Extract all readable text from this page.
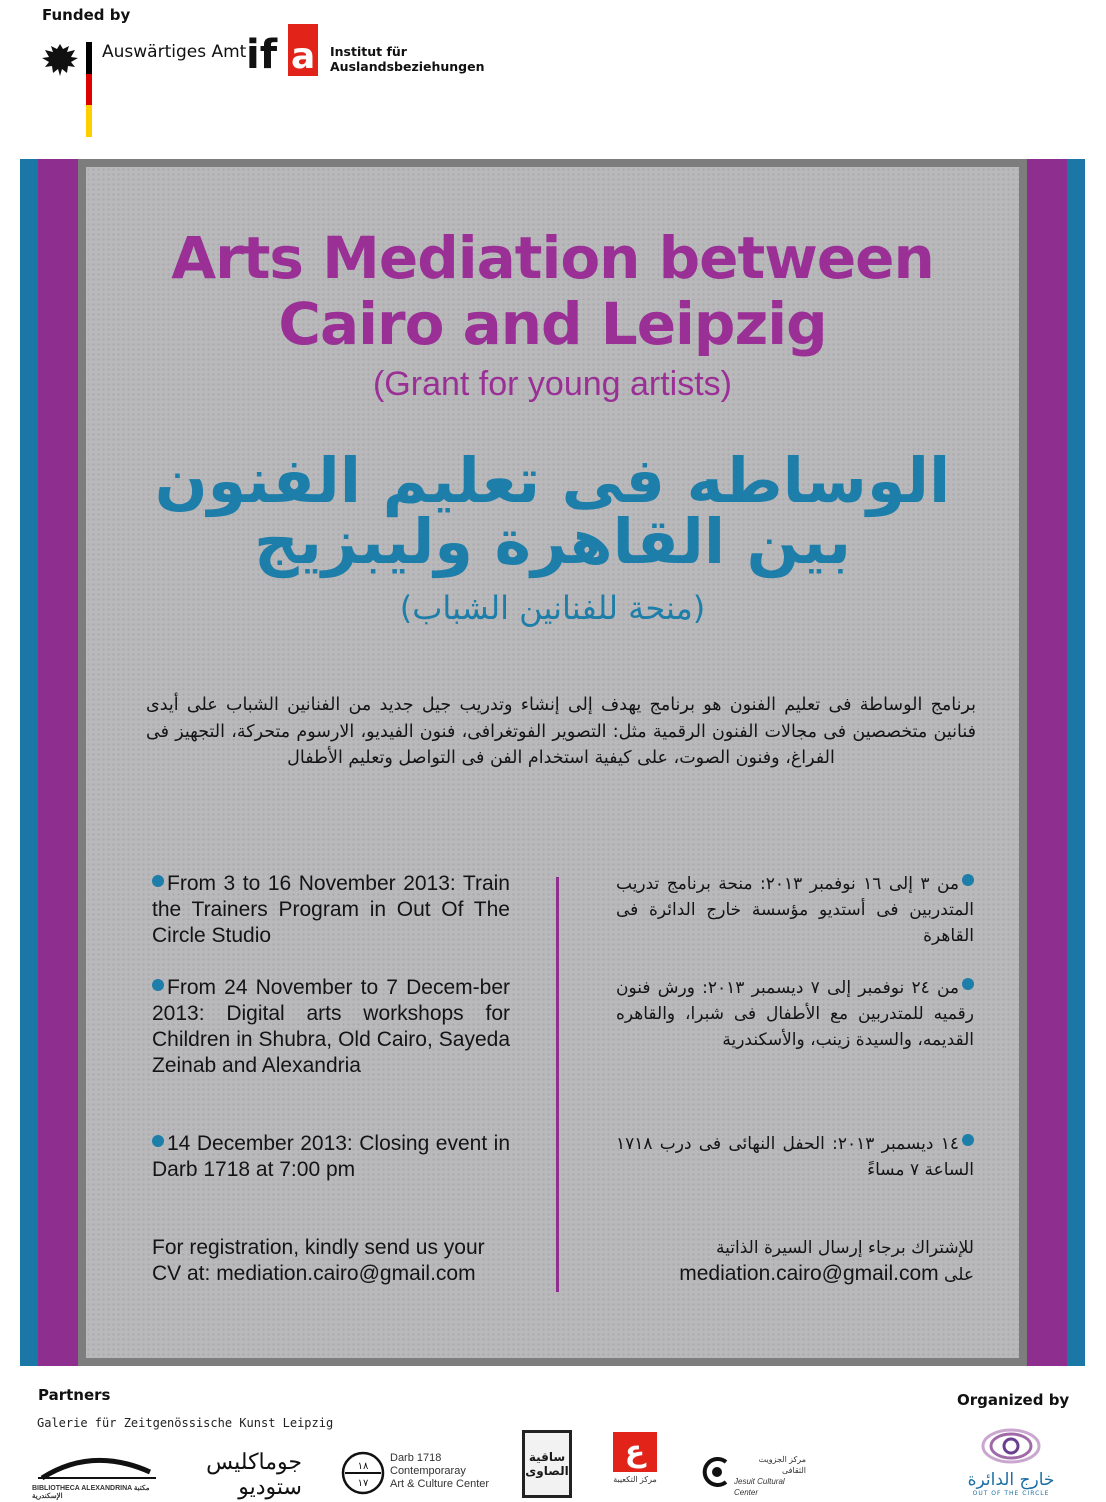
Funded by
Auswärtiges Amt if a Institut für
Auslandsbeziehungen
Arts Mediation between
Cairo and Leipzig
(Grant for young artists)
الوساطه فى تعليم الفنون
بين القاهرة وليبزيج
(منحة للفنانين الشباب)
برنامج الوساطة فى تعليم الفنون هو برنامج يهدف إلى إنشاء وتدريب جيل جديد من الفنانين الشباب على أيدى فنانين متخصصين فى مجالات الفنون الرقمية مثل: التصوير الفوتغرافى، فنون الفيديو، الارسوم متحركة، التجهيز فى الفراغ، وفنون الصوت، على كيفية استخدام الفن فى التواصل وتعليم الأطفال
From 3 to 16 November 2013: Train the Trainers Program in Out Of The Circle Studio
From 24 November to 7 Decem-ber 2013: Digital arts workshops for Children in Shubra, Old Cairo, Sayeda Zeinab and Alexandria
14 December 2013: Closing event in Darb 1718 at 7:00 pm
For registration, kindly send us your CV at: mediation.cairo@gmail.com
من ٣ إلى ١٦ نوفمبر ٢٠١٣: منحة برنامج تدريب المتدربين فى أستديو مؤسسة خارج الدائرة فى القاهرة
من ٢٤ نوفمبر إلى ٧ ديسمبر ٢٠١٣: ورش فنون رقميه للمتدربين مع الأطفال فى شبرا، والقاهره القديمه، والسيدة زينب، والأسكندرية
١٤ ديسمبر ٢٠١٣: الحفل النهائى فى درب ١٧١٨ الساعة ٧ مساءً
للإشتراك برجاء إرسال السيرة الذاتية
على mediation.cairo@gmail.com
Partners
Galerie für Zeitgenössische Kunst Leipzig
BIBLIOTHECA ALEXANDRINA مكتبة الإسكندرية
جوماكليس ستوديو
١٨
١٧
Darb 1718
Contemporaray
Art & Culture Center
ساقية الصاوى
ع
مركز التكعيبة
مركز الجزويت الثقافى
Jesuit Cultural Center
Organized by
خارج الدائرة
OUT OF THE CIRCLE
